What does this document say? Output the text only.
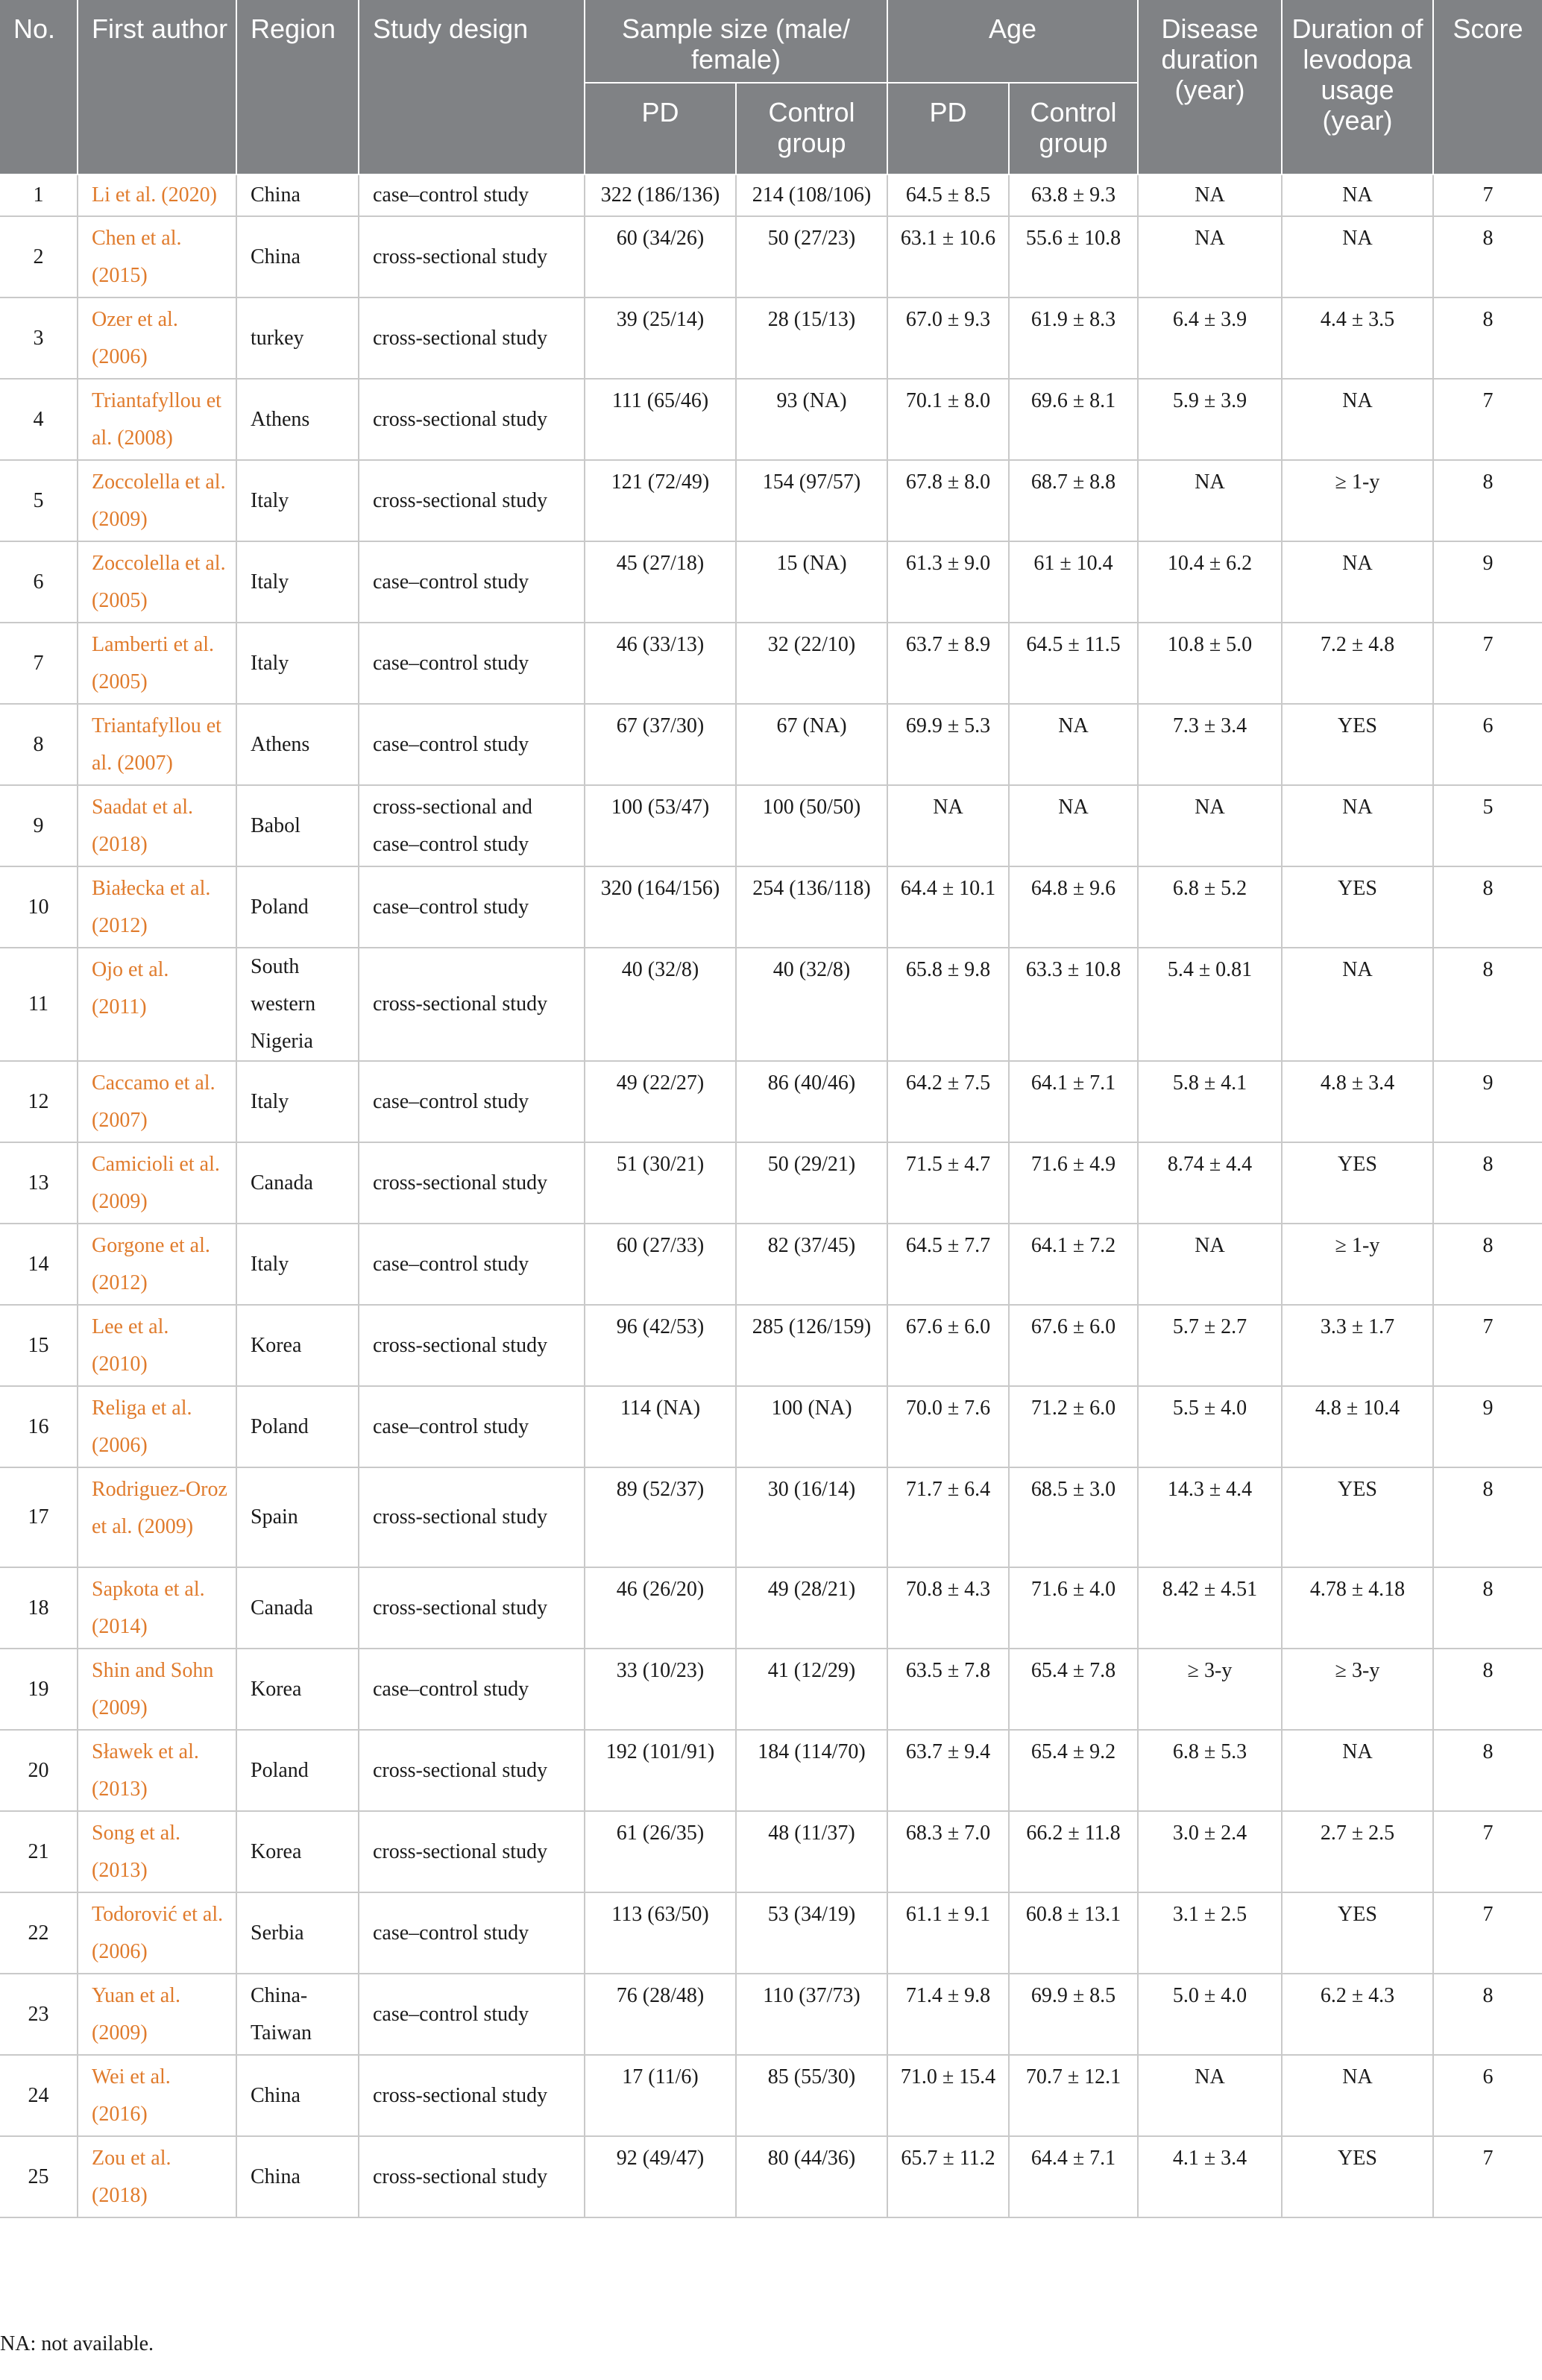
No.	First author	Region	Study design	Sample size (male/ female)		Age		Disease duration (year)	Duration of levodopa usage (year)	Score
				PD	Control group	PD	Control group			
1	Li et al. (2020)	China	case–control study	322 (186/136)	214 (108/106)	64.5 ± 8.5	63.8 ± 9.3	NA	NA	7
2	Chen et al. (2015)	China	cross-sectional study	60 (34/26)	50 (27/23)	63.1 ± 10.6	55.6 ± 10.8	NA	NA	8
3	Ozer et al. (2006)	turkey	cross-sectional study	39 (25/14)	28 (15/13)	67.0 ± 9.3	61.9 ± 8.3	6.4 ± 3.9	4.4 ± 3.5	8
4	Triantafyllou et al. (2008)	Athens	cross-sectional study	111 (65/46)	93 (NA)	70.1 ± 8.0	69.6 ± 8.1	5.9 ± 3.9	NA	7
5	Zoccolella et al. (2009)	Italy	cross-sectional study	121 (72/49)	154 (97/57)	67.8 ± 8.0	68.7 ± 8.8	NA	≥ 1-y	8
6	Zoccolella et al. (2005)	Italy	case–control study	45 (27/18)	15 (NA)	61.3 ± 9.0	61 ± 10.4	10.4 ± 6.2	NA	9
7	Lamberti et al. (2005)	Italy	case–control study	46 (33/13)	32 (22/10)	63.7 ± 8.9	64.5 ± 11.5	10.8 ± 5.0	7.2 ± 4.8	7
8	Triantafyllou et al. (2007)	Athens	case–control study	67 (37/30)	67 (NA)	69.9 ± 5.3	NA	7.3 ± 3.4	YES	6
9	Saadat et al. (2018)	Babol	cross-sectional and case–control study	100 (53/47)	100 (50/50)	NA	NA	NA	NA	5
10	Białecka et al. (2012)	Poland	case–control study	320 (164/156)	254 (136/118)	64.4 ± 10.1	64.8 ± 9.6	6.8 ± 5.2	YES	8
11	Ojo et al. (2011)	South western Nigeria	cross-sectional study	40 (32/8)	40 (32/8)	65.8 ± 9.8	63.3 ± 10.8	5.4 ± 0.81	NA	8
12	Caccamo et al. (2007)	Italy	case–control study	49 (22/27)	86 (40/46)	64.2 ± 7.5	64.1 ± 7.1	5.8 ± 4.1	4.8 ± 3.4	9
13	Camicioli et al. (2009)	Canada	cross-sectional study	51 (30/21)	50 (29/21)	71.5 ± 4.7	71.6 ± 4.9	8.74 ± 4.4	YES	8
14	Gorgone et al. (2012)	Italy	case–control study	60 (27/33)	82 (37/45)	64.5 ± 7.7	64.1 ± 7.2	NA	≥ 1-y	8
15	Lee et al. (2010)	Korea	cross-sectional study	96 (42/53)	285 (126/159)	67.6 ± 6.0	67.6 ± 6.0	5.7 ± 2.7	3.3 ± 1.7	7
16	Religa et al. (2006)	Poland	case–control study	114 (NA)	100 (NA)	70.0 ± 7.6	71.2 ± 6.0	5.5 ± 4.0	4.8 ± 10.4	9
17	Rodriguez-Oroz et al. (2009)	Spain	cross-sectional study	89 (52/37)	30 (16/14)	71.7 ± 6.4	68.5 ± 3.0	14.3 ± 4.4	YES	8
18	Sapkota et al. (2014)	Canada	cross-sectional study	46 (26/20)	49 (28/21)	70.8 ± 4.3	71.6 ± 4.0	8.42 ± 4.51	4.78 ± 4.18	8
19	Shin and Sohn (2009)	Korea	case–control study	33 (10/23)	41 (12/29)	63.5 ± 7.8	65.4 ± 7.8	≥ 3-y	≥ 3-y	8
20	Sławek et al. (2013)	Poland	cross-sectional study	192 (101/91)	184 (114/70)	63.7 ± 9.4	65.4 ± 9.2	6.8 ± 5.3	NA	8
21	Song et al. (2013)	Korea	cross-sectional study	61 (26/35)	48 (11/37)	68.3 ± 7.0	66.2 ± 11.8	3.0 ± 2.4	2.7 ± 2.5	7
22	Todorović et al. (2006)	Serbia	case–control study	113 (63/50)	53 (34/19)	61.1 ± 9.1	60.8 ± 13.1	3.1 ± 2.5	YES	7
23	Yuan et al. (2009)	China-Taiwan	case–control study	76 (28/48)	110 (37/73)	71.4 ± 9.8	69.9 ± 8.5	5.0 ± 4.0	6.2 ± 4.3	8
24	Wei et al. (2016)	China	cross-sectional study	17 (11/6)	85 (55/30)	71.0 ± 15.4	70.7 ± 12.1	NA	NA	6
25	Zou et al. (2018)	China	cross-sectional study	92 (49/47)	80 (44/36)	65.7 ± 11.2	64.4 ± 7.1	4.1 ± 3.4	YES	7
NA: not available.
